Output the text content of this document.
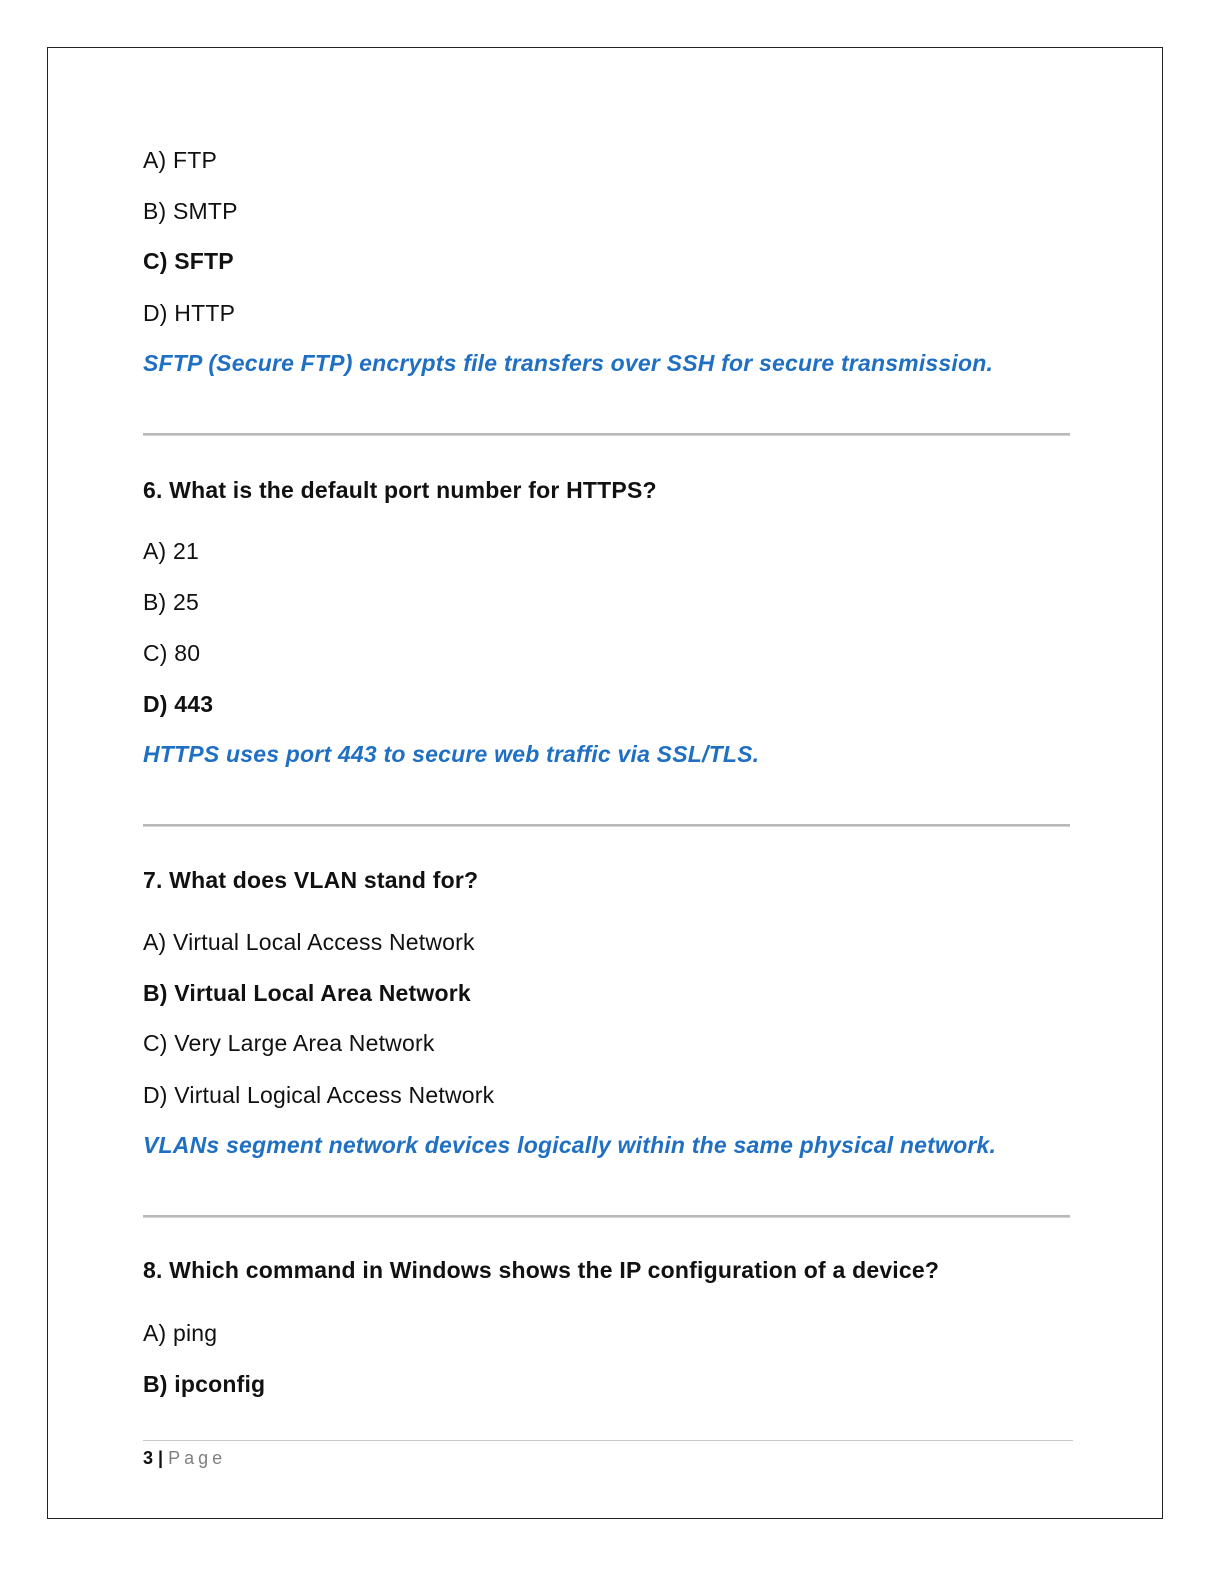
A) FTP
B) SMTP
C) SFTP
D) HTTP
SFTP (Secure FTP) encrypts file transfers over SSH for secure transmission.
6. What is the default port number for HTTPS?
A) 21
B) 25
C) 80
D) 443
HTTPS uses port 443 to secure web traffic via SSL/TLS.
7. What does VLAN stand for?
A) Virtual Local Access Network
B) Virtual Local Area Network
C) Very Large Area Network
D) Virtual Logical Access Network
VLANs segment network devices logically within the same physical network.
8. Which command in Windows shows the IP configuration of a device?
A) ping
B) ipconfig
3 | Page
